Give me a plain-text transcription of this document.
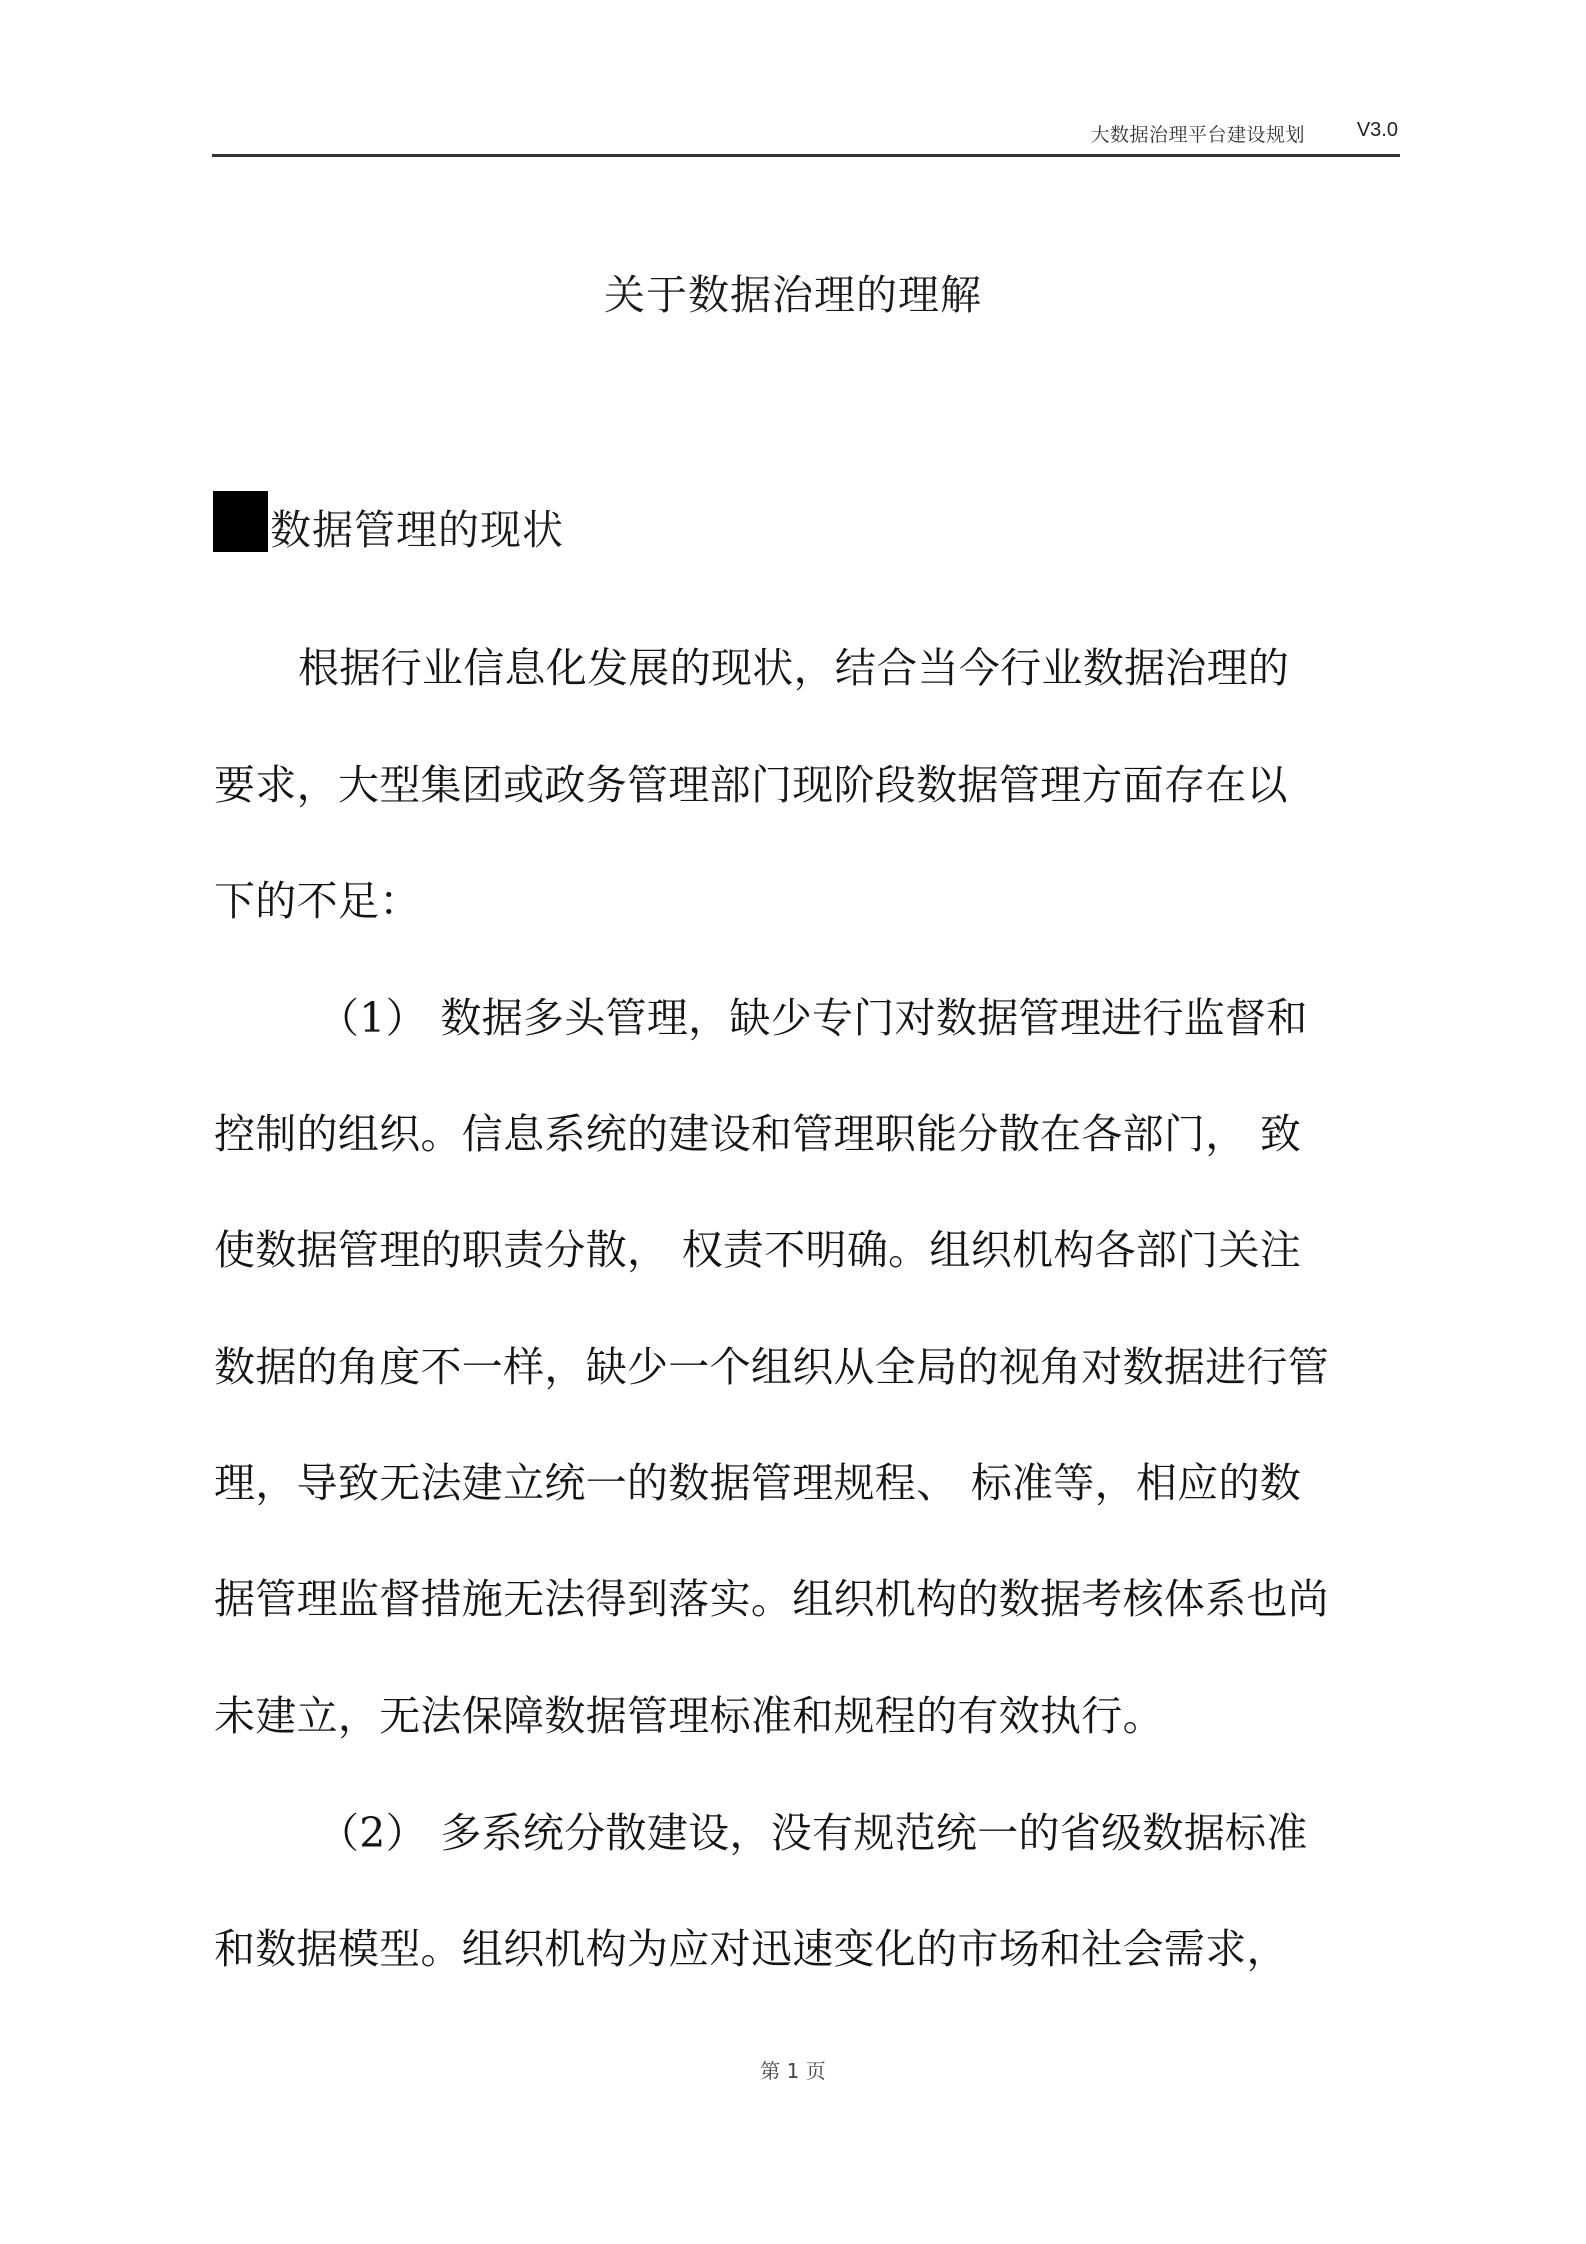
大数据治理平台建设规划	V3.0
关于数据治理的理解
数据管理的现状
根据行业信息化发展的现状，结合当今行业数据治理的
要求，大型集团或政务管理部门现阶段数据管理方面存在以
下的不足：
（1） 数据多头管理，缺少专门对数据管理进行监督和
控制的组织。信息系统的建设和管理职能分散在各部门， 致
使数据管理的职责分散， 权责不明确。组织机构各部门关注
数据的角度不一样，缺少一个组织从全局的视角对数据进行管
理，导致无法建立统一的数据管理规程、 标准等，相应的数
据管理监督措施无法得到落实。组织机构的数据考核体系也尚
未建立，无法保障数据管理标准和规程的有效执行。
（2） 多系统分散建设，没有规范统一的省级数据标准
和数据模型。组织机构为应对迅速变化的市场和社会需求，
第 1 页
